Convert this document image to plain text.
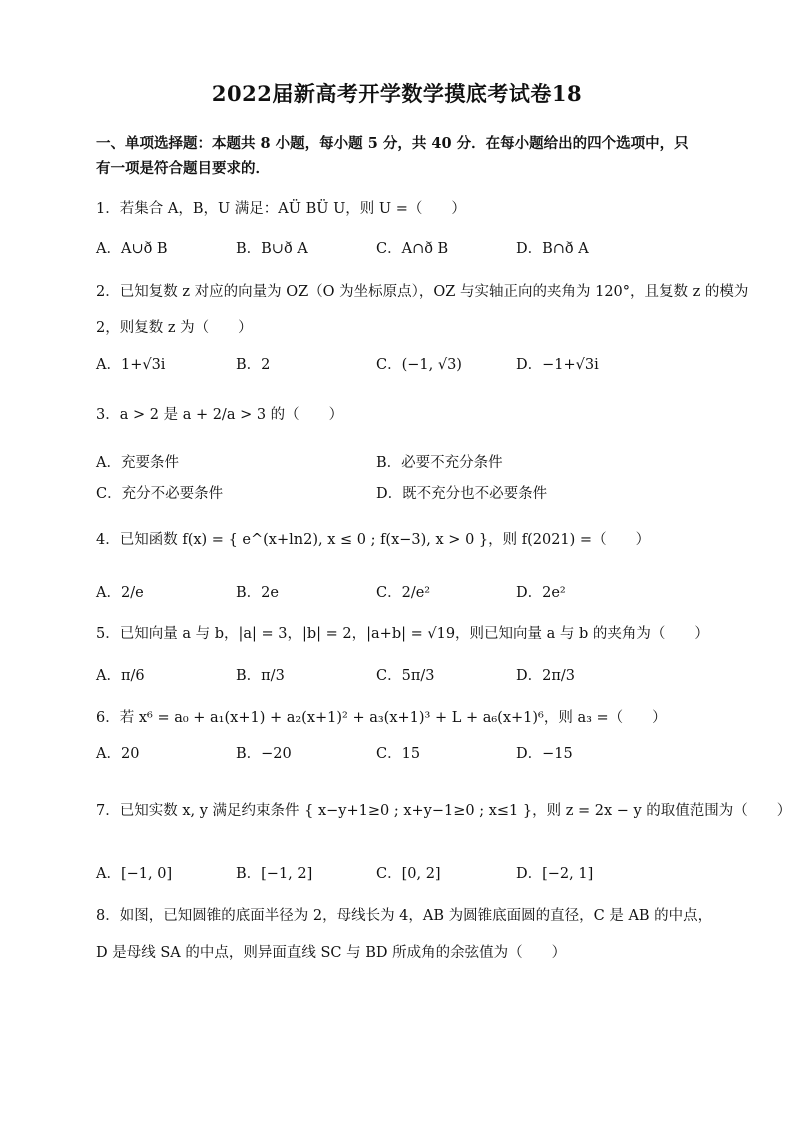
2022届新高考开学数学摸底考试卷18
一、单项选择题：本题共 8 小题，每小题 5 分，共 40 分．在每小题给出的四个选项中，只有一项是符合题目要求的．
1．若集合 A，B，U 满足：AÜ BÜ U，则 U =（　　）
A．A∪ð B	B．B∪ð A	C．A∩ð B	D．B∩ð A
2．已知复数 z 对应的向量为 OZ（O 为坐标原点），OZ 与实轴正向的夹角为 120°，且复数 z 的模为
2，则复数 z 为（　　）
A．1+√3i	B．2	C．(−1, √3)	D．−1+√3i
3．a > 2 是 a + 2/a > 3 的（　　）
A．充要条件	B．必要不充分条件
C．充分不必要条件	D．既不充分也不必要条件
4．已知函数 f(x) = { e^(x+ln2), x ≤ 0 ; f(x−3), x > 0 }，则 f(2021) =（　　）
A．2/e	B．2e	C．2/e²	D．2e²
5．已知向量 a 与 b，|a| = 3，|b| = 2，|a+b| = √19，则已知向量 a 与 b 的夹角为（　　）
A．π/6	B．π/3	C．5π/3	D．2π/3
6．若 x⁶ = a₀ + a₁(x+1) + a₂(x+1)² + a₃(x+1)³ + L + a₆(x+1)⁶，则 a₃ =（　　）
A．20	B．−20	C．15	D．−15
7．已知实数 x, y 满足约束条件 { x−y+1≥0 ; x+y−1≥0 ; x≤1 }，则 z = 2x − y 的取值范围为（　　）
A．[−1, 0]	B．[−1, 2]	C．[0, 2]	D．[−2, 1]
8．如图，已知圆锥的底面半径为 2，母线长为 4，AB 为圆锥底面圆的直径，C 是 AB 的中点，
D 是母线 SA 的中点，则异面直线 SC 与 BD 所成角的余弦值为（　　）
